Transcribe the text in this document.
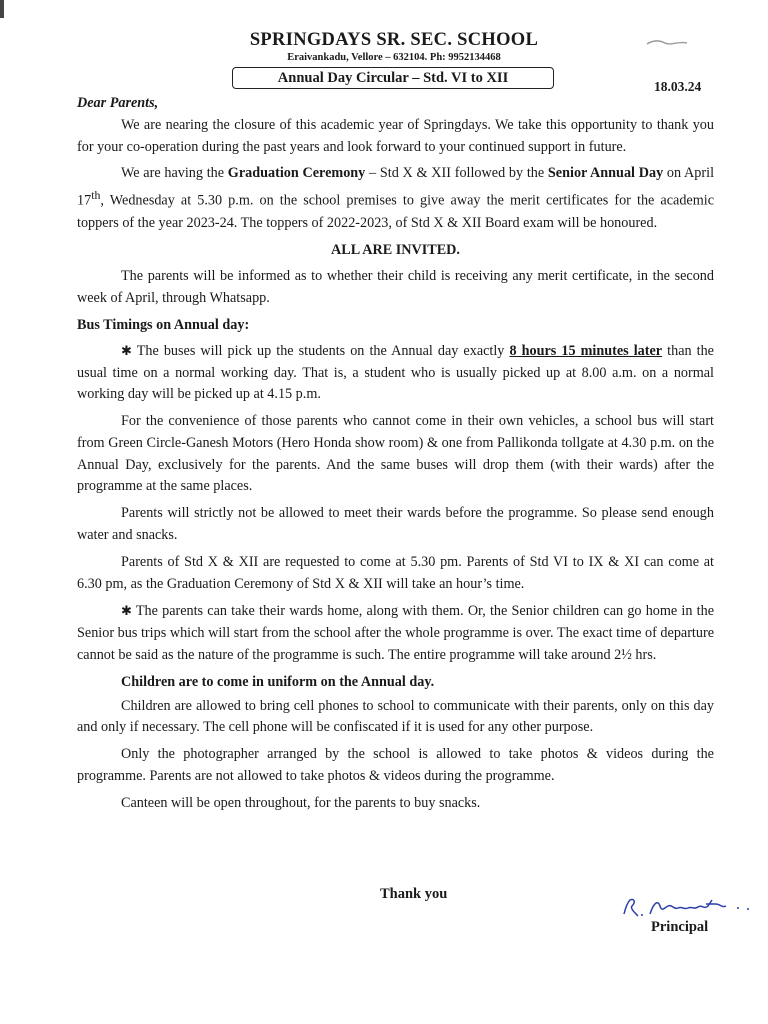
SPRINGDAYS SR. SEC. SCHOOL
Eraivankadu, Vellore – 632104. Ph: 9952134468
Annual Day Circular – Std. VI to XII
18.03.24

Dear Parents,

We are nearing the closure of this academic year of Springdays. We take this opportunity to thank you for your co-operation during the past years and look forward to your continued support in future.

We are having the Graduation Ceremony – Std X & XII followed by the Senior Annual Day on April 17th, Wednesday at 5.30 p.m. on the school premises to give away the merit certificates for the academic toppers of the year 2023-24. The toppers of 2022-2023, of Std X & XII Board exam will be honoured.

ALL ARE INVITED.

The parents will be informed as to whether their child is receiving any merit certificate, in the second week of April, through Whatsapp.

Bus Timings on Annual day:

✱ The buses will pick up the students on the Annual day exactly 8 hours 15 minutes later than the usual time on a normal working day. That is, a student who is usually picked up at 8.00 a.m. on a normal working day will be picked up at 4.15 p.m.

For the convenience of those parents who cannot come in their own vehicles, a school bus will start from Green Circle-Ganesh Motors (Hero Honda show room) & one from Pallikonda tollgate at 4.30 p.m. on the Annual Day, exclusively for the parents. And the same buses will drop them (with their wards) after the programme at the same places.

Parents will strictly not be allowed to meet their wards before the programme. So please send enough water and snacks.

Parents of Std X & XII are requested to come at 5.30 pm. Parents of Std VI to IX & XI can come at 6.30 pm, as the Graduation Ceremony of Std X & XII will take an hour’s time.

✱ The parents can take their wards home, along with them. Or, the Senior children can go home in the Senior bus trips which will start from the school after the whole programme is over. The exact time of departure cannot be said as the nature of the programme is such. The entire programme will take around 2½ hrs.

Children are to come in uniform on the Annual day.

Children are allowed to bring cell phones to school to communicate with their parents, only on this day and only if necessary. The cell phone will be confiscated if it is used for any other purpose.

Only the photographer arranged by the school is allowed to take photos & videos during the programme. Parents are not allowed to take photos & videos during the programme.

Canteen will be open throughout, for the parents to buy snacks.

Thank you
Principal
